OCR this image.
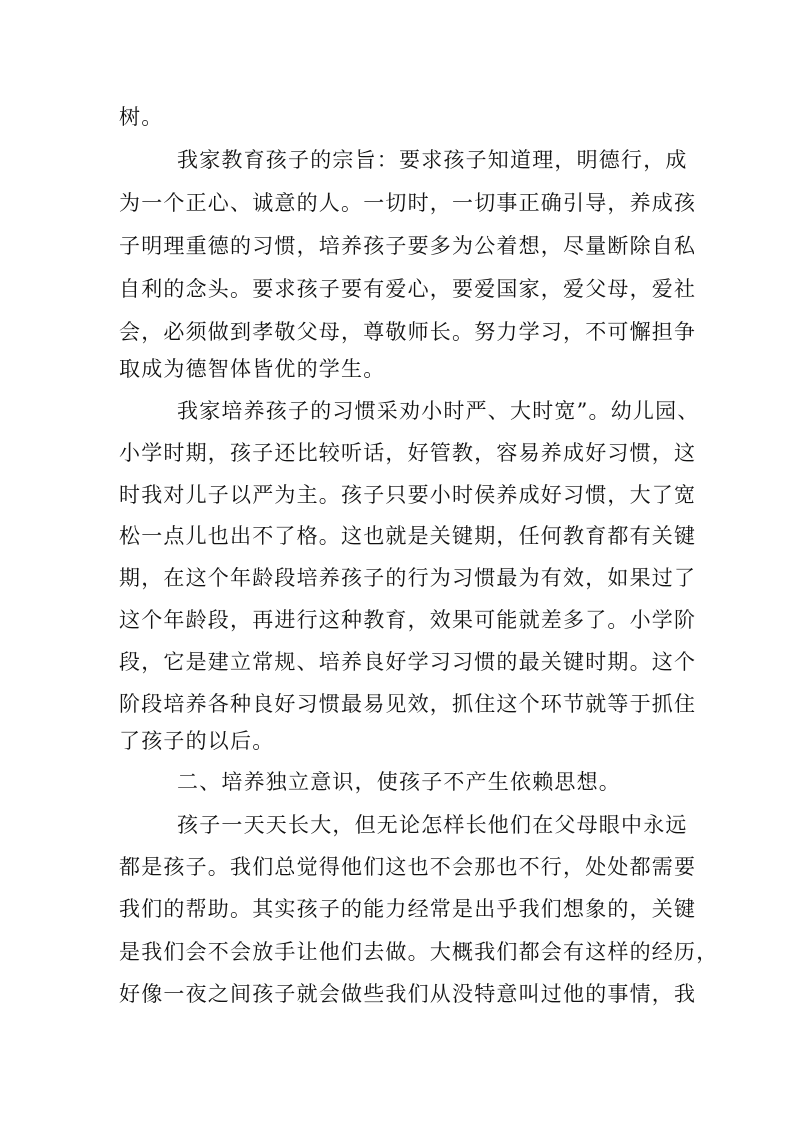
树。
我家教育孩子的宗旨：要求孩子知道理，明德行，成
为一个正心、诚意的人。一切时，一切事正确引导，养成孩
子明理重德的习惯，培养孩子要多为公着想，尽量断除自私
自利的念头。要求孩子要有爱心，要爱国家，爱父母，爱社
会，必须做到孝敬父母，尊敬师长。努力学习，不可懈担争
取成为德智体皆优的学生。
我家培养孩子的习惯采劝小时严、大时宽”。幼儿园、
小学时期，孩子还比较听话，好管教，容易养成好习惯，这
时我对儿子以严为主。孩子只要小时侯养成好习惯，大了宽
松一点儿也出不了格。这也就是关键期，任何教育都有关键
期，在这个年龄段培养孩子的行为习惯最为有效，如果过了
这个年龄段，再进行这种教育，效果可能就差多了。小学阶
段，它是建立常规、培养良好学习习惯的最关键时期。这个
阶段培养各种良好习惯最易见效，抓住这个环节就等于抓住
了孩子的以后。
二、培养独立意识，使孩子不产生依赖思想。
孩子一天天长大，但无论怎样长他们在父母眼中永远
都是孩子。我们总觉得他们这也不会那也不行，处处都需要
我们的帮助。其实孩子的能力经常是出乎我们想象的，关键
是我们会不会放手让他们去做。大概我们都会有这样的经历，
好像一夜之间孩子就会做些我们从没特意叫过他的事情，我
